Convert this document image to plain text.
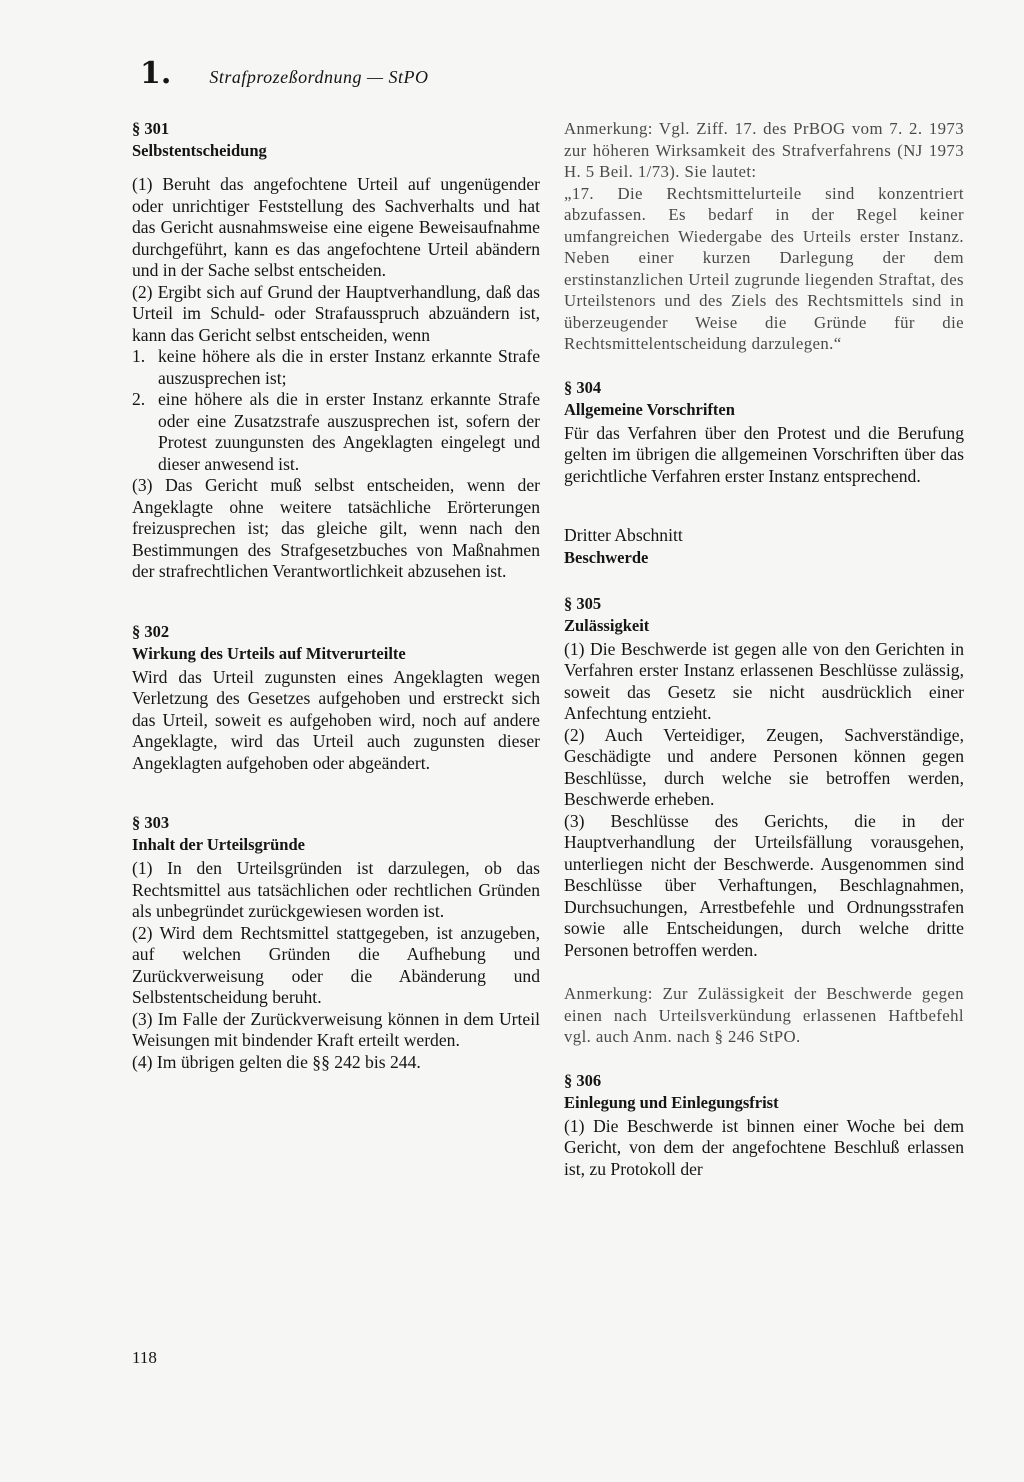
1. Strafprozeßordnung — StPO

§ 301

Selbstentscheidung

(1) Beruht das angefochtene Urteil auf ungenügender oder unrichtiger Feststellung des Sachverhalts und hat das Gericht ausnahmsweise eine eigene Beweisaufnahme durchgeführt, kann es das angefochtene Urteil abändern und in der Sache selbst entscheiden.

(2) Ergibt sich auf Grund der Hauptverhandlung, daß das Urteil im Schuld- oder Strafausspruch abzuändern ist, kann das Gericht selbst entscheiden, wenn

1. keine höhere als die in erster Instanz erkannte Strafe auszusprechen ist;
2. eine höhere als die in erster Instanz erkannte Strafe oder eine Zusatzstrafe auszusprechen ist, sofern der Protest zuungunsten des Angeklagten eingelegt und dieser anwesend ist.

(3) Das Gericht muß selbst entscheiden, wenn der Angeklagte ohne weitere tatsächliche Erörterungen freizusprechen ist; das gleiche gilt, wenn nach den Bestimmungen des Strafgesetzbuches von Maßnahmen der strafrechtlichen Verantwortlichkeit abzusehen ist.

§ 302

Wirkung des Urteils auf Mitverurteilte

Wird das Urteil zugunsten eines Angeklagten wegen Verletzung des Gesetzes aufgehoben und erstreckt sich das Urteil, soweit es aufgehoben wird, noch auf andere Angeklagte, wird das Urteil auch zugunsten dieser Angeklagten aufgehoben oder abgeändert.

§ 303

Inhalt der Urteilsgründe

(1) In den Urteilsgründen ist darzulegen, ob das Rechtsmittel aus tatsächlichen oder rechtlichen Gründen als unbegründet zurückgewiesen worden ist.

(2) Wird dem Rechtsmittel stattgegeben, ist anzugeben, auf welchen Gründen die Aufhebung und Zurückverweisung oder die Abänderung und Selbstentscheidung beruht.

(3) Im Falle der Zurückverweisung können in dem Urteil Weisungen mit bindender Kraft erteilt werden.

(4) Im übrigen gelten die §§ 242 bis 244.

Anmerkung: Vgl. Ziff. 17. des PrBOG vom 7. 2. 1973 zur höheren Wirksamkeit des Strafverfahrens (NJ 1973 H. 5 Beil. 1/73). Sie lautet:

„17. Die Rechtsmittelurteile sind konzentriert abzufassen. Es bedarf in der Regel keiner umfangreichen Wiedergabe des Urteils erster Instanz. Neben einer kurzen Darlegung der dem erstinstanzlichen Urteil zugrunde liegenden Straftat, des Urteilstenors und des Ziels des Rechtsmittels sind in überzeugender Weise die Gründe für die Rechtsmittelentscheidung darzulegen.“

§ 304

Allgemeine Vorschriften

Für das Verfahren über den Protest und die Berufung gelten im übrigen die allgemeinen Vorschriften über das gerichtliche Verfahren erster Instanz entsprechend.

Dritter Abschnitt

Beschwerde

§ 305

Zulässigkeit

(1) Die Beschwerde ist gegen alle von den Gerichten in Verfahren erster Instanz erlassenen Beschlüsse zulässig, soweit das Gesetz sie nicht ausdrücklich einer Anfechtung entzieht.

(2) Auch Verteidiger, Zeugen, Sachverständige, Geschädigte und andere Personen können gegen Beschlüsse, durch welche sie betroffen werden, Beschwerde erheben.

(3) Beschlüsse des Gerichts, die in der Hauptverhandlung der Urteilsfällung vorausgehen, unterliegen nicht der Beschwerde. Ausgenommen sind Beschlüsse über Verhaftungen, Beschlagnahmen, Durchsuchungen, Arrestbefehle und Ordnungsstrafen sowie alle Entscheidungen, durch welche dritte Personen betroffen werden.

Anmerkung: Zur Zulässigkeit der Beschwerde gegen einen nach Urteilsverkündung erlassenen Haftbefehl vgl. auch Anm. nach § 246 StPO.

§ 306

Einlegung und Einlegungsfrist

(1) Die Beschwerde ist binnen einer Woche bei dem Gericht, von dem der angefochtene Beschluß erlassen ist, zu Protokoll der

118
